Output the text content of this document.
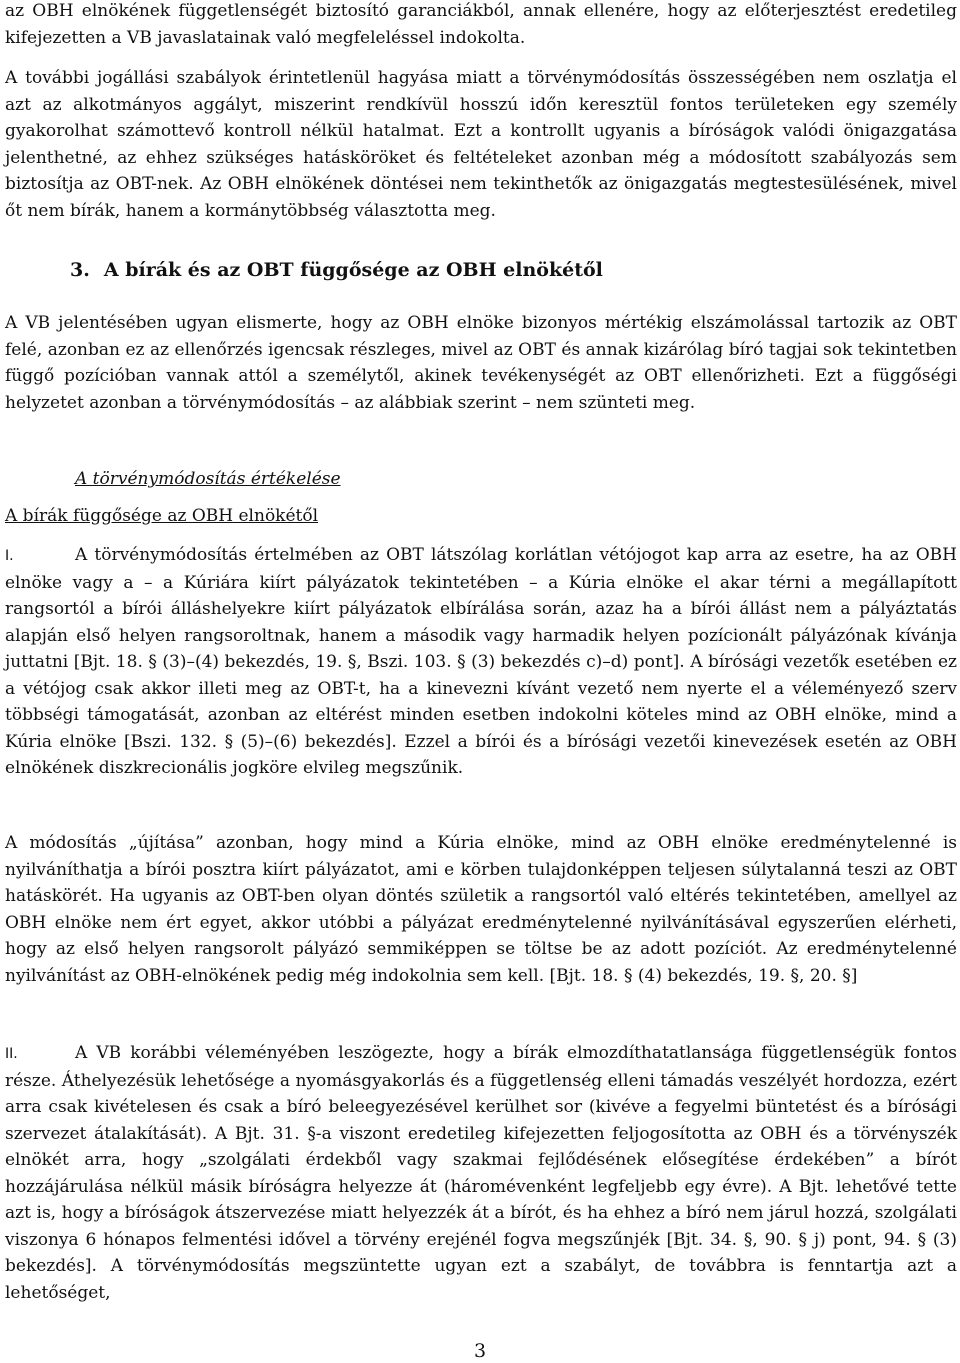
az OBH elnökének függetlenségét biztosító garanciákból, annak ellenére, hogy az előterjesztést eredetileg kifejezetten a VB javaslatainak való megfeleléssel indokolta.
A további jogállási szabályok érintetlenül hagyása miatt a törvénymódosítás összességében nem oszlatja el azt az alkotmányos aggályt, miszerint rendkívül hosszú időn keresztül fontos területeken egy személy gyakorolhat számottevő kontroll nélkül hatalmat. Ezt a kontrollt ugyanis a bíróságok valódi önigazgatása jelenthetné, az ehhez szükséges hatásköröket és feltételeket azonban még a módosított szabályozás sem biztosítja az OBT-nek. Az OBH elnökének döntései nem tekinthetők az önigazgatás megtestesülésének, mivel őt nem bírák, hanem a kormánytöbbség választotta meg.
3. A bírák és az OBT függősége az OBH elnökétől
A VB jelentésében ugyan elismerte, hogy az OBH elnöke bizonyos mértékig elszámolással tartozik az OBT felé, azonban ez az ellenőrzés igencsak részleges, mivel az OBT és annak kizárólag bíró tagjai sok tekintetben függő pozícióban vannak attól a személytől, akinek tevékenységét az OBT ellenőrizheti. Ezt a függőségi helyzetet azonban a törvénymódosítás – az alábbiak szerint – nem szünteti meg.
A törvénymódosítás értékelése
A bírák függősége az OBH elnökétől
I.	A törvénymódosítás értelmében az OBT látszólag korlátlan vétójogot kap arra az esetre, ha az OBH elnöke vagy a – a Kúriára kiírt pályázatok tekintetében – a Kúria elnöke el akar térni a megállapított rangsortól a bírói álláshelyekre kiírt pályázatok elbírálása során, azaz ha a bírói állást nem a pályáztatás alapján első helyen rangsoroltnak, hanem a második vagy harmadik helyen pozícionált pályázónak kívánja juttatni [Bjt. 18. § (3)–(4) bekezdés, 19. §, Bszi. 103. § (3) bekezdés c)–d) pont]. A bírósági vezetők esetében ez a vétójog csak akkor illeti meg az OBT-t, ha a kinevezni kívánt vezető nem nyerte el a véleményező szerv többségi támogatását, azonban az eltérést minden esetben indokolni köteles mind az OBH elnöke, mind a Kúria elnöke [Bszi. 132. § (5)–(6) bekezdés]. Ezzel a bírói és a bírósági vezetői kinevezések esetén az OBH elnökének diszkrecionális jogköre elvileg megszűnik.
A módosítás „újítása” azonban, hogy mind a Kúria elnöke, mind az OBH elnöke eredménytelenné is nyilváníthatja a bírói posztra kiírt pályázatot, ami e körben tulajdonképpen teljesen súlytalanná teszi az OBT hatáskörét. Ha ugyanis az OBT-ben olyan döntés születik a rangsortól való eltérés tekintetében, amellyel az OBH elnöke nem ért egyet, akkor utóbbi a pályázat eredménytelenné nyilvánításával egyszerűen elérheti, hogy az első helyen rangsorolt pályázó semmiképpen se töltse be az adott pozíciót. Az eredménytelenné nyilvánítást az OBH-elnökének pedig még indokolnia sem kell. [Bjt. 18. § (4) bekezdés, 19. §, 20. §]
II.	A VB korábbi véleményében leszögezte, hogy a bírák elmozdíthatatlansága függetlenségük fontos része. Áthelyezésük lehetősége a nyomásgyakorlás és a függetlenség elleni támadás veszélyét hordozza, ezért arra csak kivételesen és csak a bíró beleegyezésével kerülhet sor (kivéve a fegyelmi büntetést és a bírósági szervezet átalakítását). A Bjt. 31. §-a viszont eredetileg kifejezetten feljogosította az OBH és a törvényszék elnökét arra, hogy „szolgálati érdekből vagy szakmai fejlődésének elősegítése érdekében” a bírót hozzájárulása nélkül másik bíróságra helyezze át (háromévenként legfeljebb egy évre). A Bjt. lehetővé tette azt is, hogy a bíróságok átszervezése miatt helyezzék át a bírót, és ha ehhez a bíró nem járul hozzá, szolgálati viszonya 6 hónapos felmentési idővel a törvény erejénél fogva megszűnjék [Bjt. 34. §, 90. § j) pont, 94. § (3) bekezdés]. A törvénymódosítás megszüntette ugyan ezt a szabályt, de továbbra is fenntartja azt a lehetőséget,
3
